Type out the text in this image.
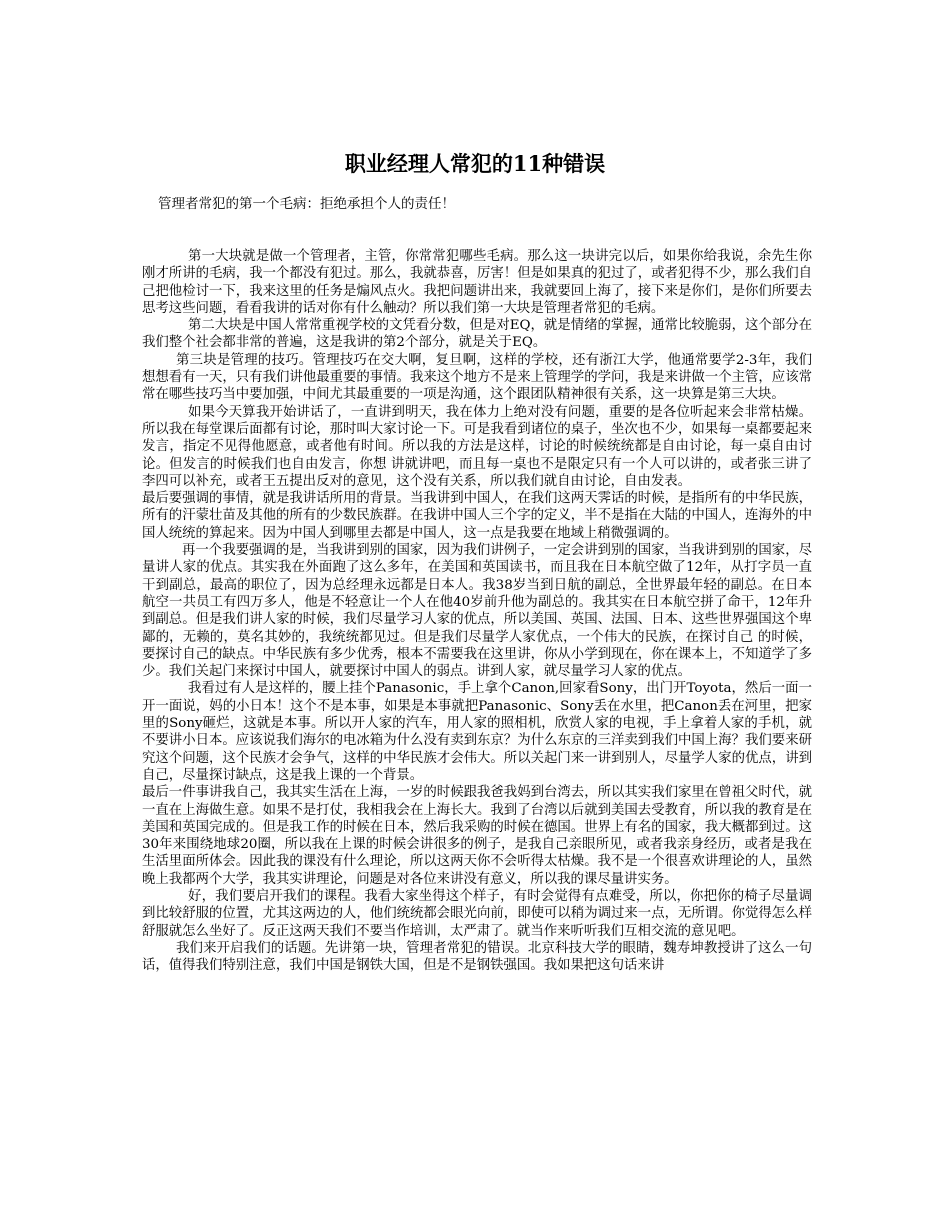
职业经理人常犯的11种错误
管理者常犯的第一个毛病：拒绝承担个人的责任！

第一大块就是做一个管理者，主管，你常常犯哪些毛病。那么这一块讲完以后，如果你给我说，余先生你刚才所讲的毛病，我一个都没有犯过。那么，我就恭喜，厉害！但是如果真的犯过了，或者犯得不少，那么我们自己把他检讨一下，我来这里的任务是煽风点火。我把问题讲出来，我就要回上海了，接下来是你们，是你们所要去思考这些问题，看看我讲的话对你有什么触动？所以我们第一大块是管理者常犯的毛病。

第二大块是中国人常常重视学校的文凭看分数，但是对EQ，就是情绪的掌握，通常比较脆弱，这个部分在我们整个社会都非常的普遍，这是我讲的第2个部分，就是关于EQ。

第三块是管理的技巧。管理技巧在交大啊，复旦啊，这样的学校，还有浙江大学，他通常要学2-3年，我们想想看有一天，只有我们讲他最重要的事情。我来这个地方不是来上管理学的学问，我是来讲做一个主管，应该常常在哪些技巧当中要加强，中间尤其最重要的一项是沟通，这个跟团队精神很有关系，这一块算是第三大块。

如果今天算我开始讲话了，一直讲到明天，我在体力上绝对没有问题，重要的是各位听起来会非常枯燥。所以我在每堂课后面都有讨论，那时叫大家讨论一下。可是我看到诸位的桌子，坐次也不少，如果每一桌都要起来发言，指定不见得他愿意，或者他有时间。所以我的方法是这样，讨论的时候统统都是自由讨论，每一桌自由讨论。但发言的时候我们也自由发言，你想 讲就讲吧，而且每一桌也不是限定只有一个人可以讲的，或者张三讲了李四可以补充，或者王五提出反对的意见，这个没有关系，所以我们就自由讨论，自由发表。

最后要强调的事情，就是我讲话所用的背景。当我讲到中国人，在我们这两天霁话的时候，是指所有的中华民族，所有的汗蒙壮苗及其他的所有的少数民族群。在我讲中国人三个字的定义，半不是指在大陆的中国人，连海外的中国人统统的算起来。因为中国人到哪里去都是中国人，这一点是我要在地域上稍微强调的。

再一个我要强调的是，当我讲到别的国家，因为我们讲例子，一定会讲到别的国家，当我讲到别的国家，尽量讲人家的优点。其实我在外面跑了这么多年，在美国和英国读书，而且我在日本航空做了12年，从打字员一直干到副总，最高的职位了，因为总经理永远都是日本人。我38岁当到日航的副总，全世界最年轻的副总。在日本航空一共员工有四万多人，他是不轻意让一个人在他40岁前升他为副总的。我其实在日本航空拼了命干，12年升到副总。但是我们讲人家的时候，我们尽量学习人家的优点，所以美国、英国、法国、日本、这些世界强国这个卑鄙的，无赖的，莫名其妙的，我统统都见过。但是我们尽量学人家优点，一个伟大的民族，在探讨自己 的时候，要探讨自己的缺点。中华民族有多少优秀，根本不需要我在这里讲，你从小学到现在，你在课本上，不知道学了多少。我们关起门来探讨中国人，就要探讨中国人的弱点。讲到人家，就尽量学习人家的优点。

我看过有人是这样的，腰上挂个Panasonic，手上拿个Canon,回家看Sony，出门开Toyota，然后一面一开一面说，妈的小日本！这个不是本事，如果是本事就把Panasonic、Sony丢在水里，把Canon丢在河里，把家里的Sony砸烂，这就是本事。所以开人家的汽车，用人家的照相机，欣赏人家的电视，手上拿着人家的手机，就不要讲小日本。应该说我们海尔的电冰箱为什么没有卖到东京？为什么东京的三洋卖到我们中国上海？我们要来研究这个问题，这个民族才会争气，这样的中华民族才会伟大。所以关起门来一讲到别人，尽量学人家的优点，讲到自己，尽量探讨缺点，这是我上课的一个背景。

最后一件事讲我自己，我其实生活在上海，一岁的时候跟我爸我妈到台湾去，所以其实我们家里在曾祖父时代，就一直在上海做生意。如果不是打仗，我相我会在上海长大。我到了台湾以后就到美国去受教育，所以我的教育是在美国和英国完成的。但是我工作的时候在日本，然后我采购的时候在德国。世界上有名的国家，我大概都到过。这30年来围绕地球20圈，所以我在上课的时候会讲很多的例子，是我自己亲眼所见，或者我亲身经历，或者是我在生活里面所体会。因此我的课没有什么理论，所以这两天你不会听得太枯燥。我不是一个很喜欢讲理论的人，虽然晚上我都两个大学，我其实讲理论，问题是对各位来讲没有意义，所以我的课尽量讲实务。

好，我们要启开我们的课程。我看大家坐得这个样子，有时会觉得有点难受，所以，你把你的椅子尽量调到比较舒服的位置，尤其这两边的人，他们统统都会眼光向前，即使可以稍为调过来一点，无所谓。你觉得怎么样舒服就怎么坐好了。反正这两天我们不要当作培训，太严肃了。就当作来听听我们互相交流的意见吧。

我们来开启我们的话题。先讲第一块，管理者常犯的错误。北京科技大学的眼睛，魏寿坤教授讲了这么一句话，值得我们特别注意，我们中国是钢铁大国，但是不是钢铁强国。我如果把这句话来讲
